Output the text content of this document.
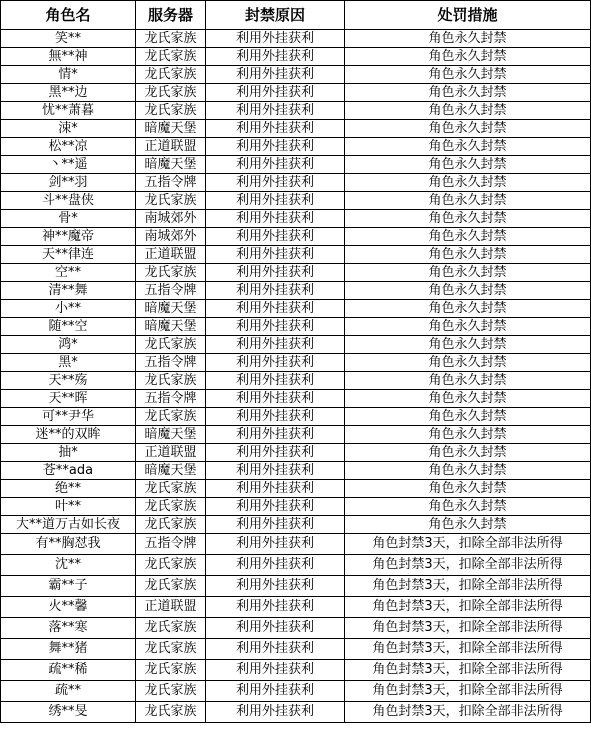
角色名	服务器	封禁原因	处罚措施
笑**	龙氏家族	利用外挂获利	角色永久封禁
無**神	龙氏家族	利用外挂获利	角色永久封禁
情*	龙氏家族	利用外挂获利	角色永久封禁
黑**边	龙氏家族	利用外挂获利	角色永久封禁
忧**萧暮	龙氏家族	利用外挂获利	角色永久封禁
涑*	暗魔天堡	利用外挂获利	角色永久封禁
松**凉	正道联盟	利用外挂获利	角色永久封禁
丶**遥	暗魔天堡	利用外挂获利	角色永久封禁
剑**羽	五指令牌	利用外挂获利	角色永久封禁
斗**盘侠	龙氏家族	利用外挂获利	角色永久封禁
骨*	南城郊外	利用外挂获利	角色永久封禁
神**魔帝	南城郊外	利用外挂获利	角色永久封禁
天**律连	正道联盟	利用外挂获利	角色永久封禁
空**	龙氏家族	利用外挂获利	角色永久封禁
清**舞	五指令牌	利用外挂获利	角色永久封禁
小**	暗魔天堡	利用外挂获利	角色永久封禁
随**空	暗魔天堡	利用外挂获利	角色永久封禁
鸿*	龙氏家族	利用外挂获利	角色永久封禁
黑*	五指令牌	利用外挂获利	角色永久封禁
天**殇	龙氏家族	利用外挂获利	角色永久封禁
天**晖	五指令牌	利用外挂获利	角色永久封禁
可**尹华	龙氏家族	利用外挂获利	角色永久封禁
迷**的双眸	暗魔天堡	利用外挂获利	角色永久封禁
抽*	正道联盟	利用外挂获利	角色永久封禁
苍**ada	暗魔天堡	利用外挂获利	角色永久封禁
绝**	龙氏家族	利用外挂获利	角色永久封禁
叶**	龙氏家族	利用外挂获利	角色永久封禁
大**道万古如长夜	龙氏家族	利用外挂获利	角色永久封禁
有**胸怼我	五指令牌	利用外挂获利	角色封禁3天，扣除全部非法所得
沈**	龙氏家族	利用外挂获利	角色封禁3天，扣除全部非法所得
霸**子	龙氏家族	利用外挂获利	角色封禁3天，扣除全部非法所得
火**馨	正道联盟	利用外挂获利	角色封禁3天，扣除全部非法所得
落**寒	龙氏家族	利用外挂获利	角色封禁3天，扣除全部非法所得
舞**猪	龙氏家族	利用外挂获利	角色封禁3天，扣除全部非法所得
疏**稀	龙氏家族	利用外挂获利	角色封禁3天，扣除全部非法所得
疏**	龙氏家族	利用外挂获利	角色封禁3天，扣除全部非法所得
绣**旻	龙氏家族	利用外挂获利	角色封禁3天，扣除全部非法所得
